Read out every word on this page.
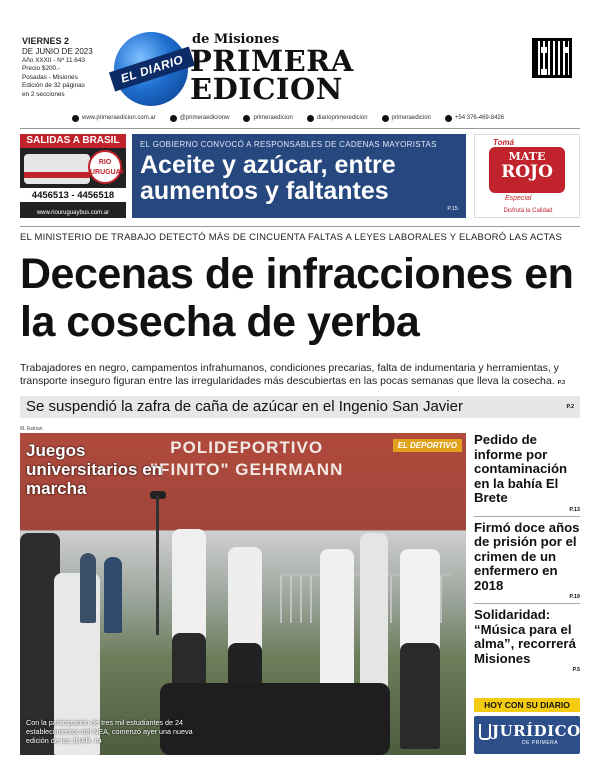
VIERNES 2
DE JUNIO DE 2023
Año XXXII - Nº 11.643
Precio $200.-
Posadas - Misiones
Edición de 32 páginas
en 2 secciones
EL DIARIO
de Misiones
PRIMERA
EDICION
www.primeraedicion.com.ar	@primeraedicionw	primeraedicion	diarioprimeredicion	primeraedicion	+54 376-469-8426
SALIDAS A BRASIL
RIO URUGUAY
4456513 - 4456518
www.riouruguaybus.com.ar
EL GOBIERNO CONVOCÓ A RESPONSABLES DE CADENAS MAYORISTAS
Aceite y azúcar, entre aumentos y faltantes
P.15
Tomá
MATE
ROJO
Especial
Disfrutá la Calidad
EL MINISTERIO DE TRABAJO DETECTÓ MÁS DE CINCUENTA FALTAS A LEYES LABORALES Y ELABORÓ LAS ACTAS
Decenas de infracciones en la cosecha de yerba
Trabajadores en negro, campamentos infrahumanos, condiciones precarias, falta de indumentaria y herramientas, y transporte inseguro figuran entre las irregularidades más descubiertas en las pocas semanas que lleva la cosecha. P.3
Se suspendió la zafra de caña de azúcar en el Ingenio San Javier	P.2
M. Estrian
POLIDEPORTIVO
"FINITO" GEHRMANN
EL DEPORTIVO
Juegos universitarios en marcha
Con la participación de tres mil estudiantes de 24 establecimientos del NEA, comenzó ayer una nueva edición de los JUAR. P.4
Pedido de informe por contaminación en la bahía El Brete
P.13
Firmó doce años de prisión por el crimen de un enfermero en 2018
P.19
Solidaridad: “Música para el alma”, recorrerá Misiones
P.5
HOY CON SU DIARIO
JURÍDICOS
DE PRIMERA
